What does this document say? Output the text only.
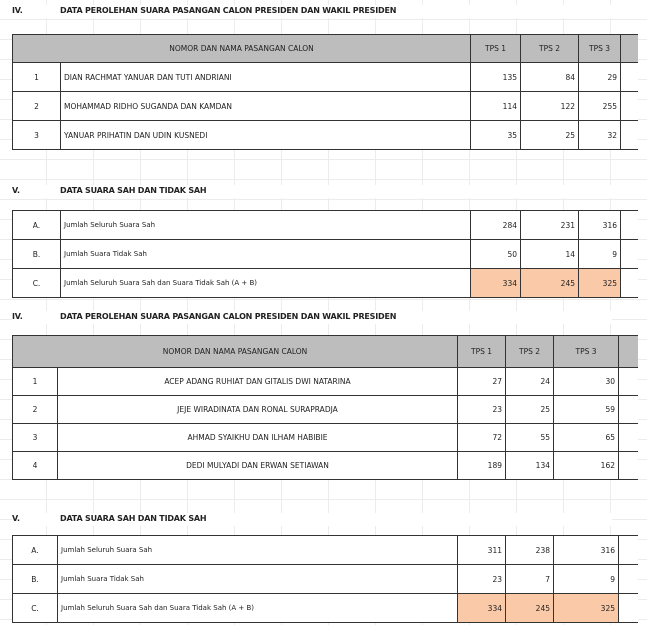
IV.	DATA PEROLEHAN SUARA PASANGAN CALON PRESIDEN DAN WAKIL PRESIDEN
NOMOR DAN NAMA PASANGAN CALON		TPS 1	TPS 2	TPS 3	
1	DIAN RACHMAT YANUAR DAN TUTI ANDRIANI	135	84	29	
2	MOHAMMAD RIDHO SUGANDA DAN KAMDAN	114	122	255	
3	YANUAR PRIHATIN DAN UDIN KUSNEDI	35	25	32	
V.	DATA SUARA SAH DAN TIDAK SAH
A.	Jumlah Seluruh Suara Sah	284	231	316	
B.	Jumlah Suara Tidak Sah	50	14	9	
C.	Jumlah Seluruh Suara Sah dan Suara Tidak Sah (A + B)	334	245	325	
IV.	DATA PEROLEHAN SUARA PASANGAN CALON PRESIDEN DAN WAKIL PRESIDEN
NOMOR DAN NAMA PASANGAN CALON		TPS 1	TPS 2	TPS 3	
1	ACEP ADANG RUHIAT DAN GITALIS DWI NATARINA	27	24	30	
2	JEJE WIRADINATA DAN RONAL SURAPRADJA	23	25	59	
3	AHMAD SYAIKHU DAN ILHAM HABIBIE	72	55	65	
4	DEDI MULYADI DAN ERWAN SETIAWAN	189	134	162	
V.	DATA SUARA SAH DAN TIDAK SAH
A.	Jumlah Seluruh Suara Sah	311	238	316	
B.	Jumlah Suara Tidak Sah	23	7	9	
C.	Jumlah Seluruh Suara Sah dan Suara Tidak Sah (A + B)	334	245	325	
